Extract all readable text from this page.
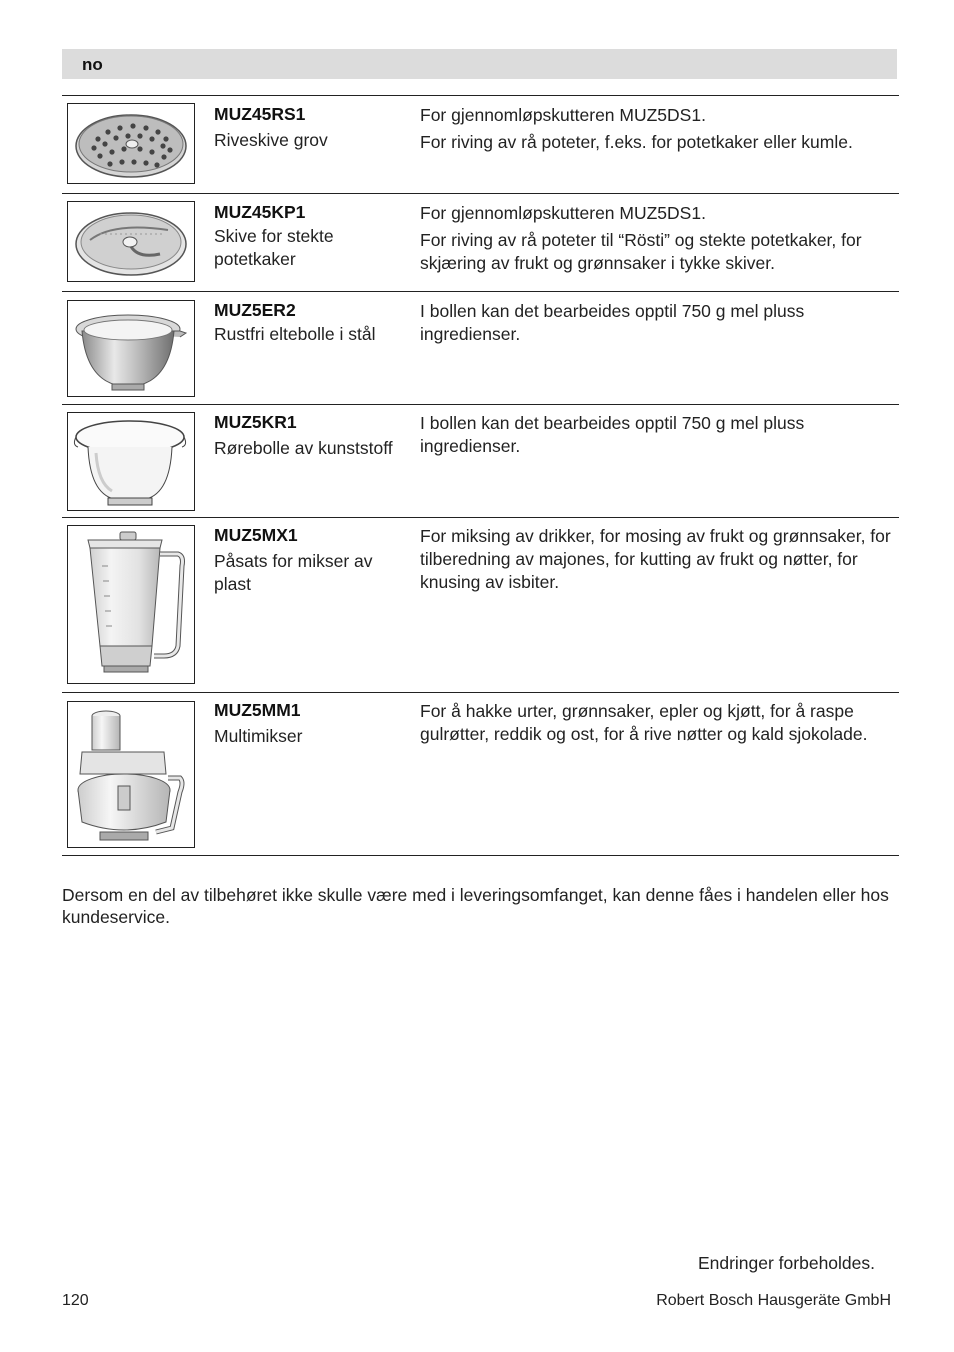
no
MUZ45RS1
Riveskive grov

For gjennomløpskutteren MUZ5DS1.

For riving av rå poteter, f.eks. for potetkaker eller kumle.

MUZ45KP1
Skive for stekte potetkaker

For gjennomløpskutteren MUZ5DS1.

For riving av rå poteter til “Rösti” og stekte potetkaker, for skjæring av frukt og grønnsaker i tykke skiver.

MUZ5ER2
Rustfri eltebolle i stål

I bollen kan det bearbeides opptil 750 g mel pluss ingredienser.

MUZ5KR1
Rørebolle av kunststoff

I bollen kan det bearbeides opptil 750 g mel pluss ingredienser.

MUZ5MX1
Påsats for mikser av plast

For miksing av drikker, for mosing av frukt og grønnsaker, for tilberedning av majones, for kutting av frukt og nøtter, for knusing av isbiter.

MUZ5MM1
Multimikser

For å hakke urter, grønnsaker, epler og kjøtt, for å raspe gulrøtter, reddik og ost, for å rive nøtter og kald sjokolade.

Dersom en del av tilbehøret ikke skulle være med i leveringsomfanget, kan denne fåes i handelen eller hos kundeservice.
Endringer forbeholdes.
120	Robert Bosch Hausgeräte GmbH
